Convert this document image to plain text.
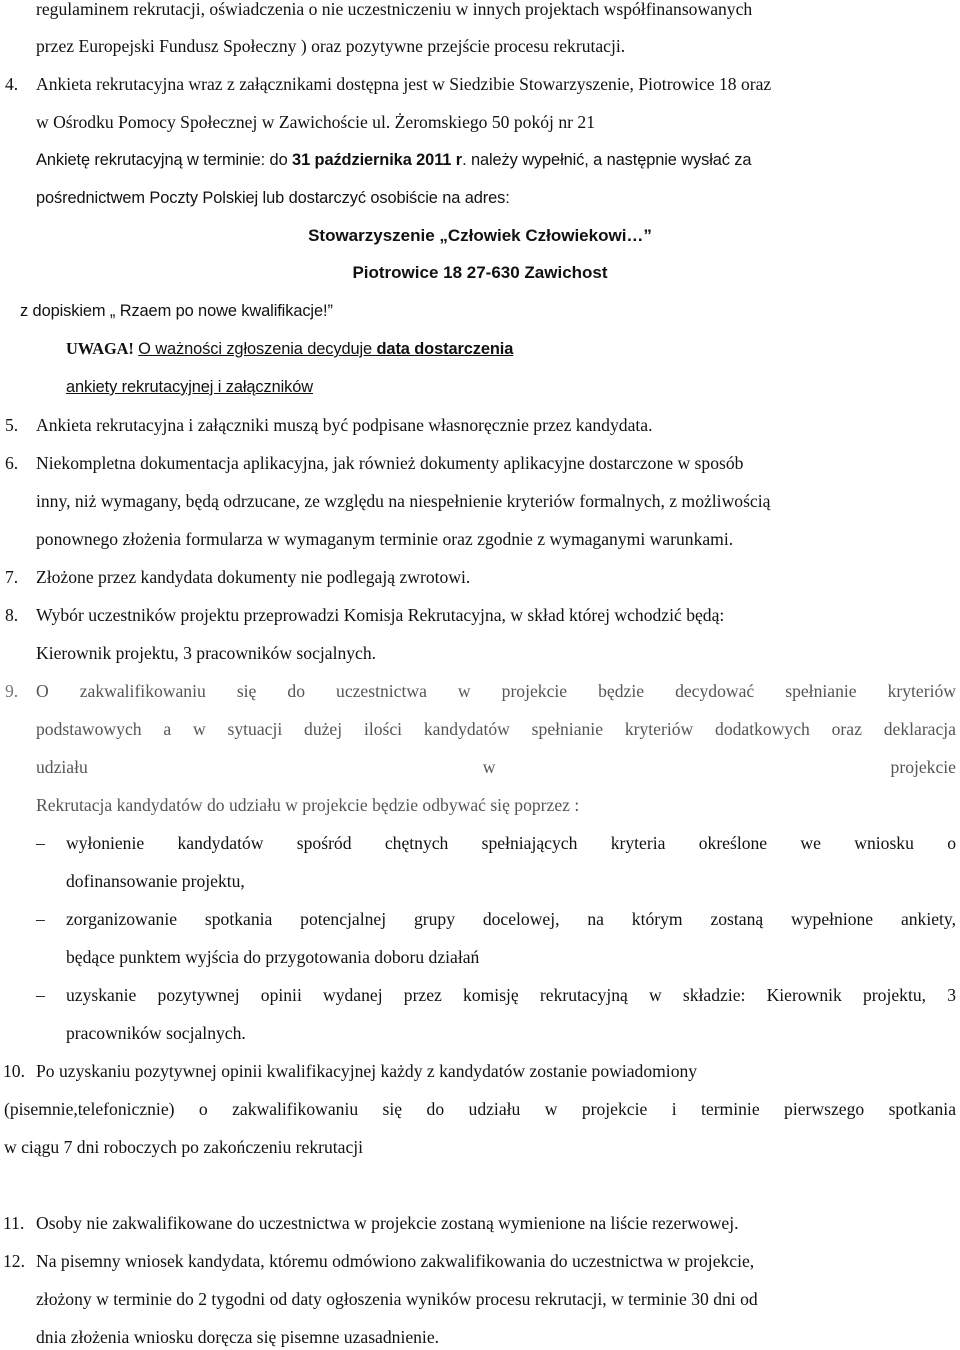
regulaminem rekrutacji, oświadczenia o nie uczestniczeniu w innych projektach współfinansowanych
przez Europejski Fundusz Społeczny ) oraz pozytywne przejście procesu rekrutacji.
4.	Ankieta rekrutacyjna wraz z załącznikami dostępna jest w Siedzibie Stowarzyszenie, Piotrowice 18 oraz
w Ośrodku Pomocy Społecznej w Zawichoście ul. Żeromskiego 50 pokój nr 21
Ankietę rekrutacyjną w terminie: do 31 października 2011 r. należy wypełnić, a następnie wysłać za
pośrednictwem Poczty Polskiej lub dostarczyć osobiście na adres:
Stowarzyszenie „Człowiek Człowiekowi…”
Piotrowice 18 27-630 Zawichost
z dopiskiem „ Rzaem po nowe kwalifikacje!”
UWAGA! O ważności zgłoszenia decyduje data dostarczenia
ankiety rekrutacyjnej i załączników
5.	Ankieta rekrutacyjna i załączniki muszą być podpisane własnoręcznie przez kandydata.
6.	Niekompletna dokumentacja aplikacyjna, jak również dokumenty aplikacyjne dostarczone w sposób
inny, niż wymagany, będą odrzucane, ze względu na niespełnienie kryteriów formalnych, z możliwością
ponownego złożenia formularza w wymaganym terminie oraz zgodnie z wymaganymi warunkami.
7.	Złożone przez kandydata dokumenty nie podlegają zwrotowi.
8.	Wybór uczestników projektu przeprowadzi Komisja Rekrutacyjna, w skład której wchodzić będą:
Kierownik projektu, 3 pracowników socjalnych.
9.	O zakwalifikowaniu się do uczestnictwa w projekcie będzie decydować spełnianie kryteriów
podstawowych a w sytuacji dużej ilości kandydatów spełnianie kryteriów dodatkowych oraz deklaracja
udziału w projekcie
Rekrutacja kandydatów do udziału w projekcie będzie odbywać się poprzez :
–	wyłonienie kandydatów spośród chętnych spełniających kryteria określone we wniosku o
dofinansowanie projektu,
–	zorganizowanie spotkania potencjalnej grupy docelowej, na którym zostaną wypełnione ankiety,
będące punktem wyjścia do przygotowania doboru działań
–	uzyskanie pozytywnej opinii wydanej przez komisję rekrutacyjną w składzie: Kierownik projektu, 3
pracowników socjalnych.
10. Po uzyskaniu pozytywnej opinii kwalifikacyjnej każdy z kandydatów zostanie powiadomiony
(pisemnie,telefonicznie) o zakwalifikowaniu się do udziału w projekcie i terminie pierwszego spotkania
w ciągu 7 dni roboczych po zakończeniu rekrutacji
11. Osoby nie zakwalifikowane do uczestnictwa w projekcie zostaną wymienione na liście rezerwowej.
12. Na pisemny wniosek kandydata, któremu odmówiono zakwalifikowania do uczestnictwa w projekcie,
złożony w terminie do 2 tygodni od daty ogłoszenia wyników procesu rekrutacji, w terminie 30 dni od
dnia złożenia wniosku doręcza się pisemne uzasadnienie.
